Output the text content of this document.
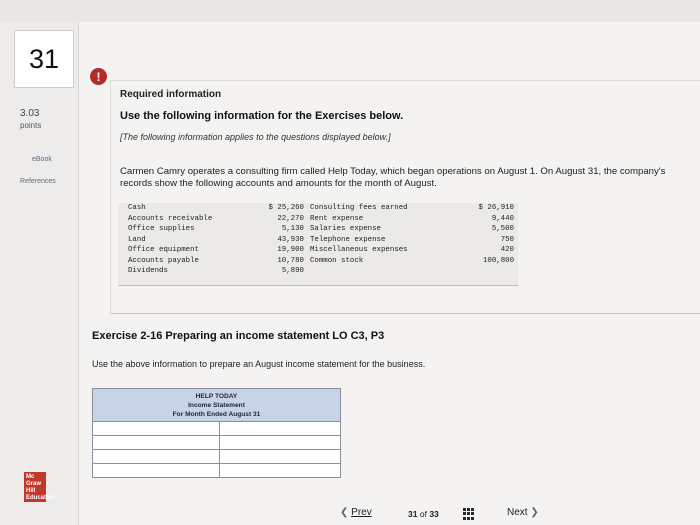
31
3.03
points
eBook
References
Mc Graw Hill Education
!
Required information
Use the following information for the Exercises below.
[The following information applies to the questions displayed below.]
Carmen Camry operates a consulting firm called Help Today, which began operations on August 1. On August 31, the company's records show the following accounts and amounts for the month of August.
Cash
Accounts receivable
Office supplies
Land
Office equipment
Accounts payable
Dividends
$ 25,260
22,270
5,130
43,930
19,900
10,780
5,890
Consulting fees earned
Rent expense
Salaries expense
Telephone expense
Miscellaneous expenses
Common stock
$ 26,910
9,440
5,500
750
420
100,800
Exercise 2-16 Preparing an income statement LO C3, P3
Use the above information to prepare an August income statement for the business.
HELP TODAY
Income Statement
For Month Ended August 31
❮ Prev	31 of 33	Next ❯
